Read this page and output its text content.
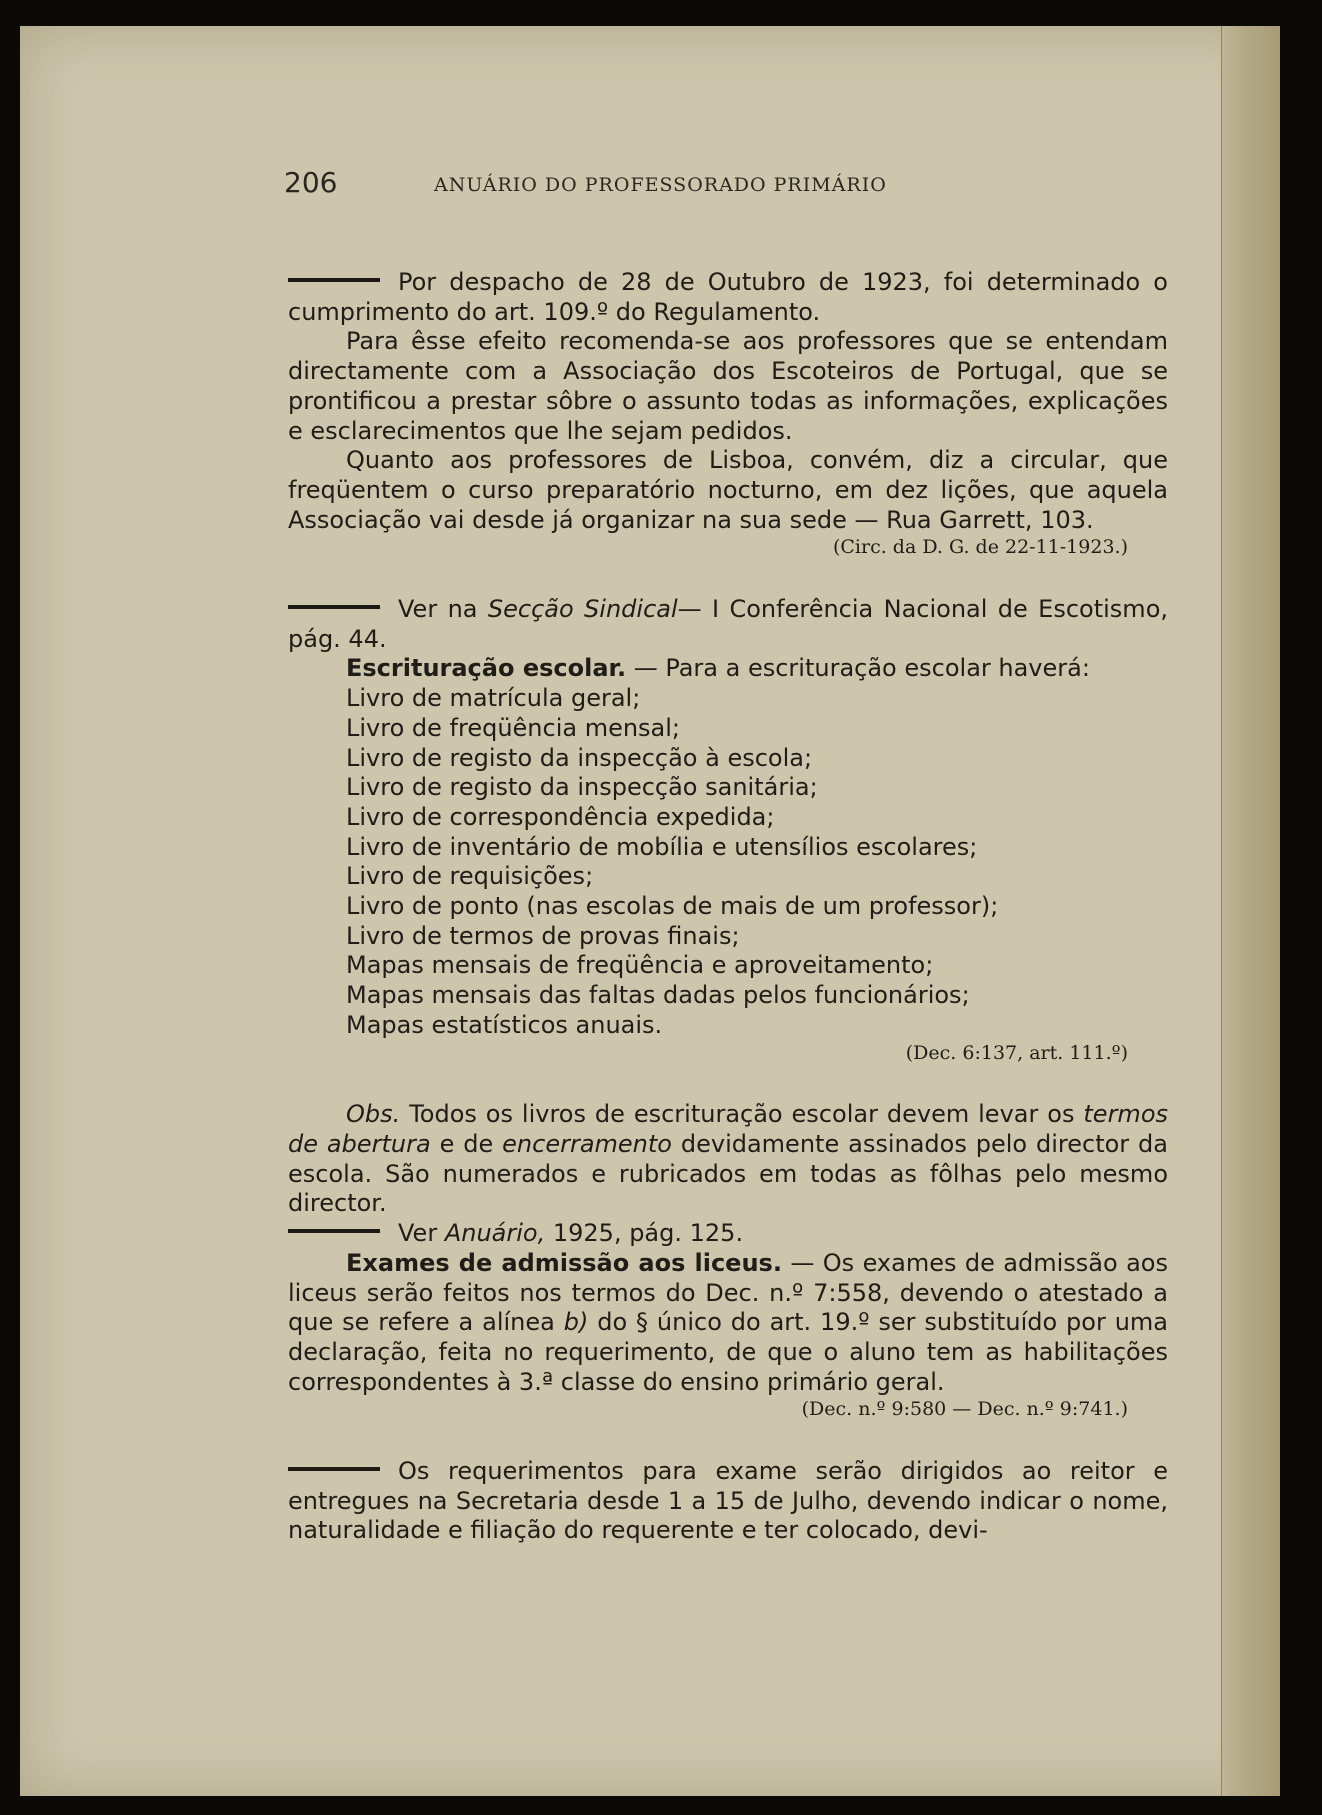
206	ANUÁRIO DO PROFESSORADO PRIMÁRIO

Por despacho de 28 de Outubro de 1923, foi determinado o cumprimento do art. 109.º do Regulamento.

Para êsse efeito recomenda-se aos professores que se entendam directamente com a Associação dos Escoteiros de Portugal, que se prontificou a prestar sôbre o assunto todas as informações, explicações e esclarecimentos que lhe sejam pedidos.

Quanto aos professores de Lisboa, convém, diz a circular, que freqüentem o curso preparatório nocturno, em dez lições, que aquela Associação vai desde já organizar na sua sede — Rua Garrett, 103.

(Circ. da D. G. de 22-11-1923.)

Ver na Secção Sindical— I Conferência Nacional de Escotismo, pág. 44.

Escrituração escolar. — Para a escrituração escolar haverá:

Livro de matrícula geral;
Livro de freqüência mensal;
Livro de registo da inspecção à escola;
Livro de registo da inspecção sanitária;
Livro de correspondência expedida;
Livro de inventário de mobília e utensílios escolares;
Livro de requisições;
Livro de ponto (nas escolas de mais de um professor);
Livro de termos de provas finais;
Mapas mensais de freqüência e aproveitamento;
Mapas mensais das faltas dadas pelos funcionários;
Mapas estatísticos anuais.

(Dec. 6:137, art. 111.º)

Obs. Todos os livros de escrituração escolar devem levar os termos de abertura e de encerramento devidamente assinados pelo director da escola. São numerados e rubricados em todas as fôlhas pelo mesmo director.

Ver Anuário, 1925, pág. 125.

Exames de admissão aos liceus. — Os exames de admissão aos liceus serão feitos nos termos do Dec. n.º 7:558, devendo o atestado a que se refere a alínea b) do § único do art. 19.º ser substituído por uma declaração, feita no requerimento, de que o aluno tem as habilitações correspondentes à 3.ª classe do ensino primário geral.

(Dec. n.º 9:580 — Dec. n.º 9:741.)

Os requerimentos para exame serão dirigidos ao reitor e entregues na Secretaria desde 1 a 15 de Julho, devendo indicar o nome, naturalidade e filiação do requerente e ter colocado, devi-
